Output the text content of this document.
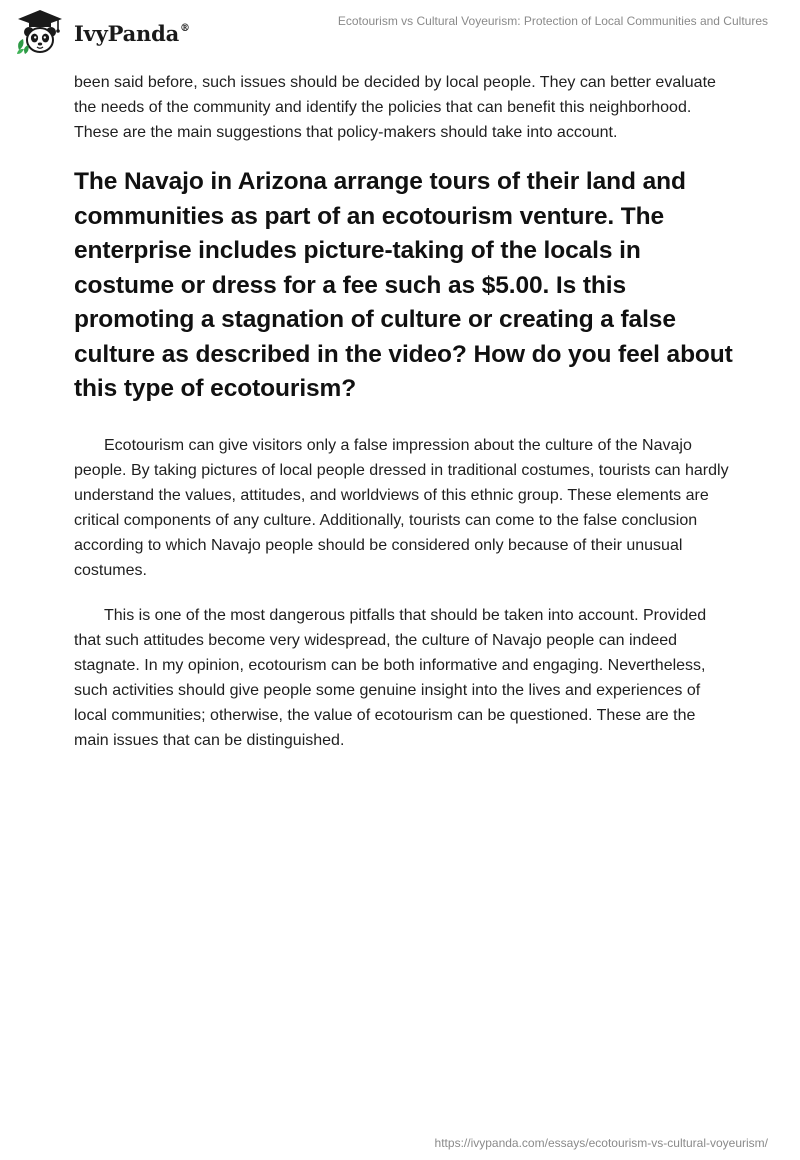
IvyPanda®	Ecotourism vs Cultural Voyeurism: Protection of Local Communities and Cultures

been said before, such issues should be decided by local people. They can better evaluate the needs of the community and identify the policies that can benefit this neighborhood. These are the main suggestions that policy-makers should take into account.

The Navajo in Arizona arrange tours of their land and communities as part of an ecotourism venture. The enterprise includes picture-taking of the locals in costume or dress for a fee such as $5.00. Is this promoting a stagnation of culture or creating a false culture as described in the video? How do you feel about this type of ecotourism?

Ecotourism can give visitors only a false impression about the culture of the Navajo people. By taking pictures of local people dressed in traditional costumes, tourists can hardly understand the values, attitudes, and worldviews of this ethnic group. These elements are critical components of any culture. Additionally, tourists can come to the false conclusion according to which Navajo people should be considered only because of their unusual costumes.

This is one of the most dangerous pitfalls that should be taken into account. Provided that such attitudes become very widespread, the culture of Navajo people can indeed stagnate. In my opinion, ecotourism can be both informative and engaging. Nevertheless, such activities should give people some genuine insight into the lives and experiences of local communities; otherwise, the value of ecotourism can be questioned. These are the main issues that can be distinguished.

https://ivypanda.com/essays/ecotourism-vs-cultural-voyeurism/
